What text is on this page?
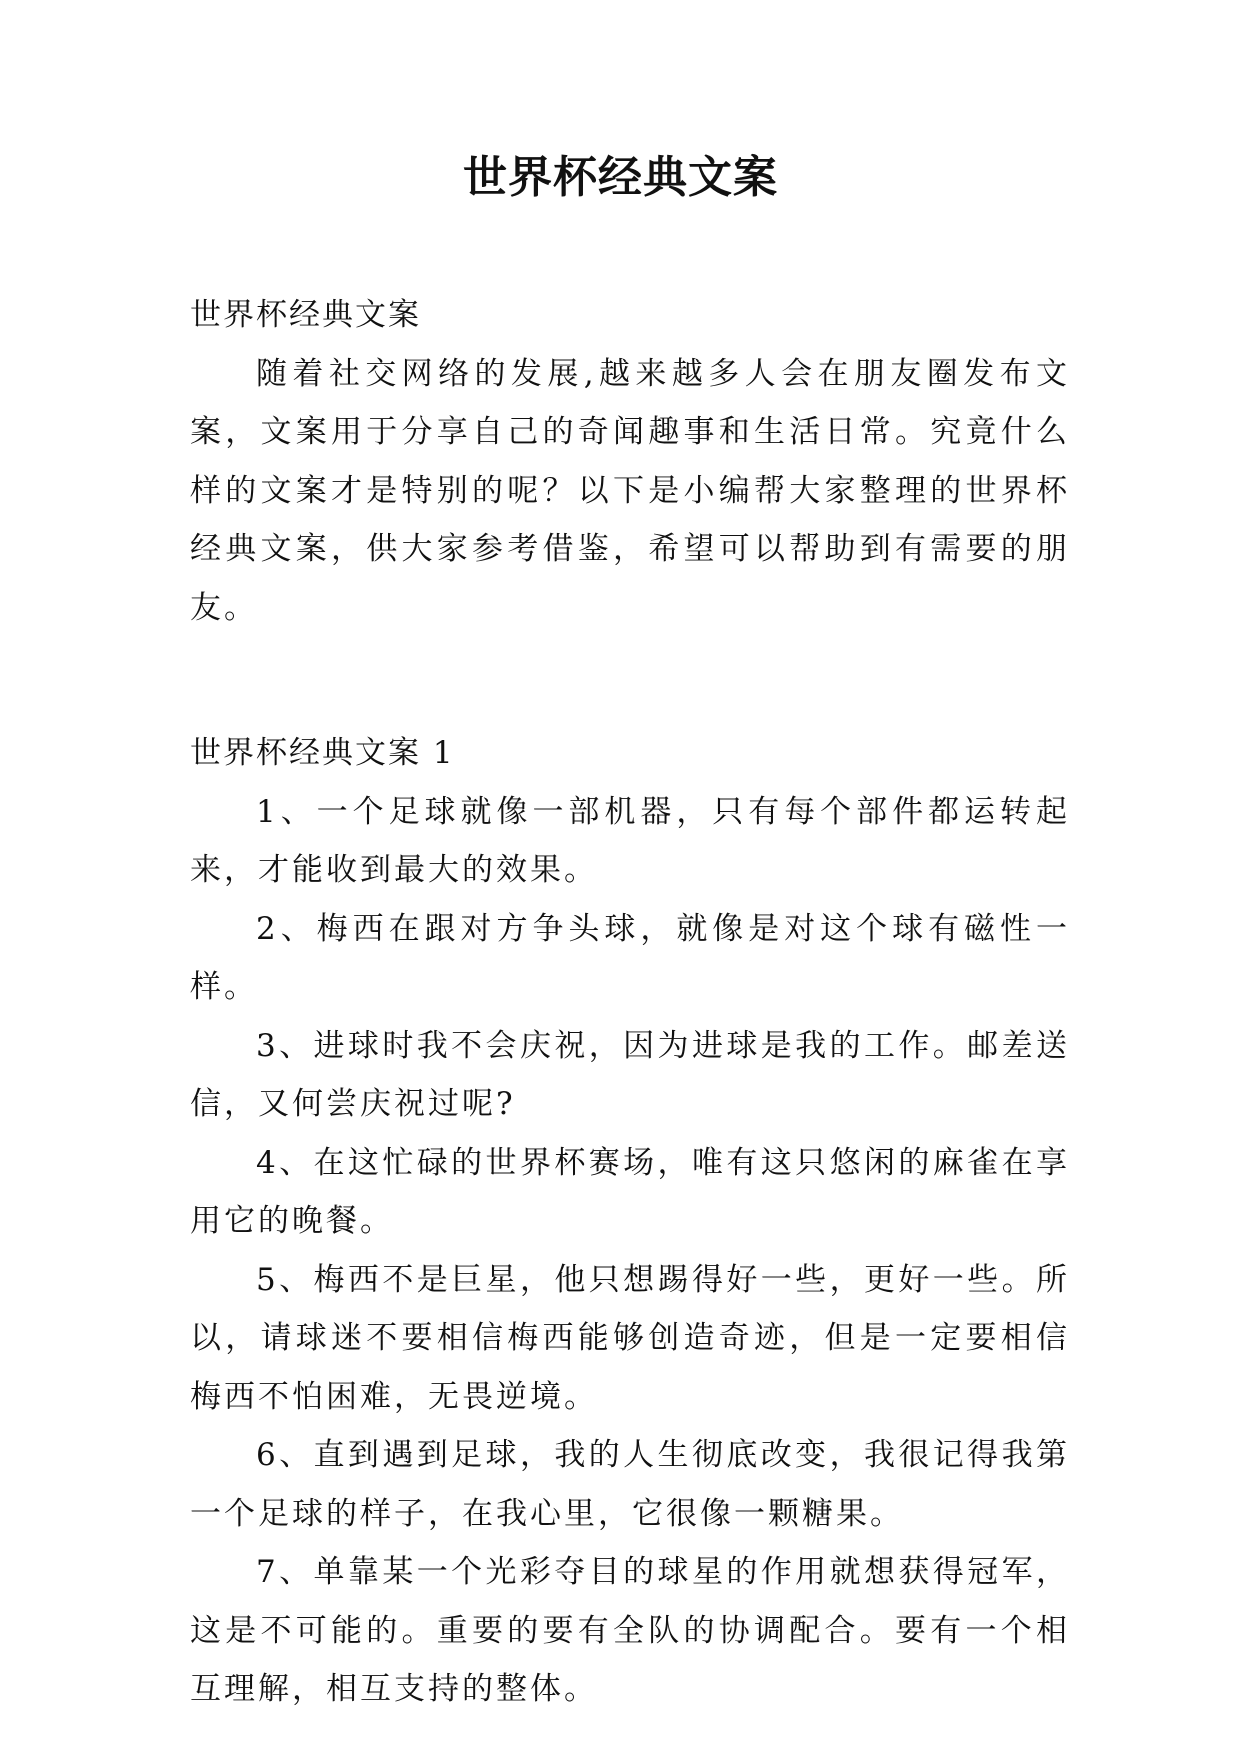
世界杯经典文案

世界杯经典文案

随着社交网络的发展,越来越多人会在朋友圈发布文案，文案用于分享自己的奇闻趣事和生活日常。究竟什么样的文案才是特别的呢？以下是小编帮大家整理的世界杯经典文案，供大家参考借鉴，希望可以帮助到有需要的朋友。

世界杯经典文案 1

1、一个足球就像一部机器，只有每个部件都运转起来，才能收到最大的效果。

2、梅西在跟对方争头球，就像是对这个球有磁性一样。

3、进球时我不会庆祝，因为进球是我的工作。邮差送信，又何尝庆祝过呢?

4、在这忙碌的世界杯赛场，唯有这只悠闲的麻雀在享用它的晚餐。

5、梅西不是巨星，他只想踢得好一些，更好一些。所以，请球迷不要相信梅西能够创造奇迹，但是一定要相信梅西不怕困难，无畏逆境。

6、直到遇到足球，我的人生彻底改变，我很记得我第一个足球的样子，在我心里，它很像一颗糖果。

7、单靠某一个光彩夺目的球星的作用就想获得冠军，这是不可能的。重要的要有全队的协调配合。要有一个相互理解，相互支持的整体。
